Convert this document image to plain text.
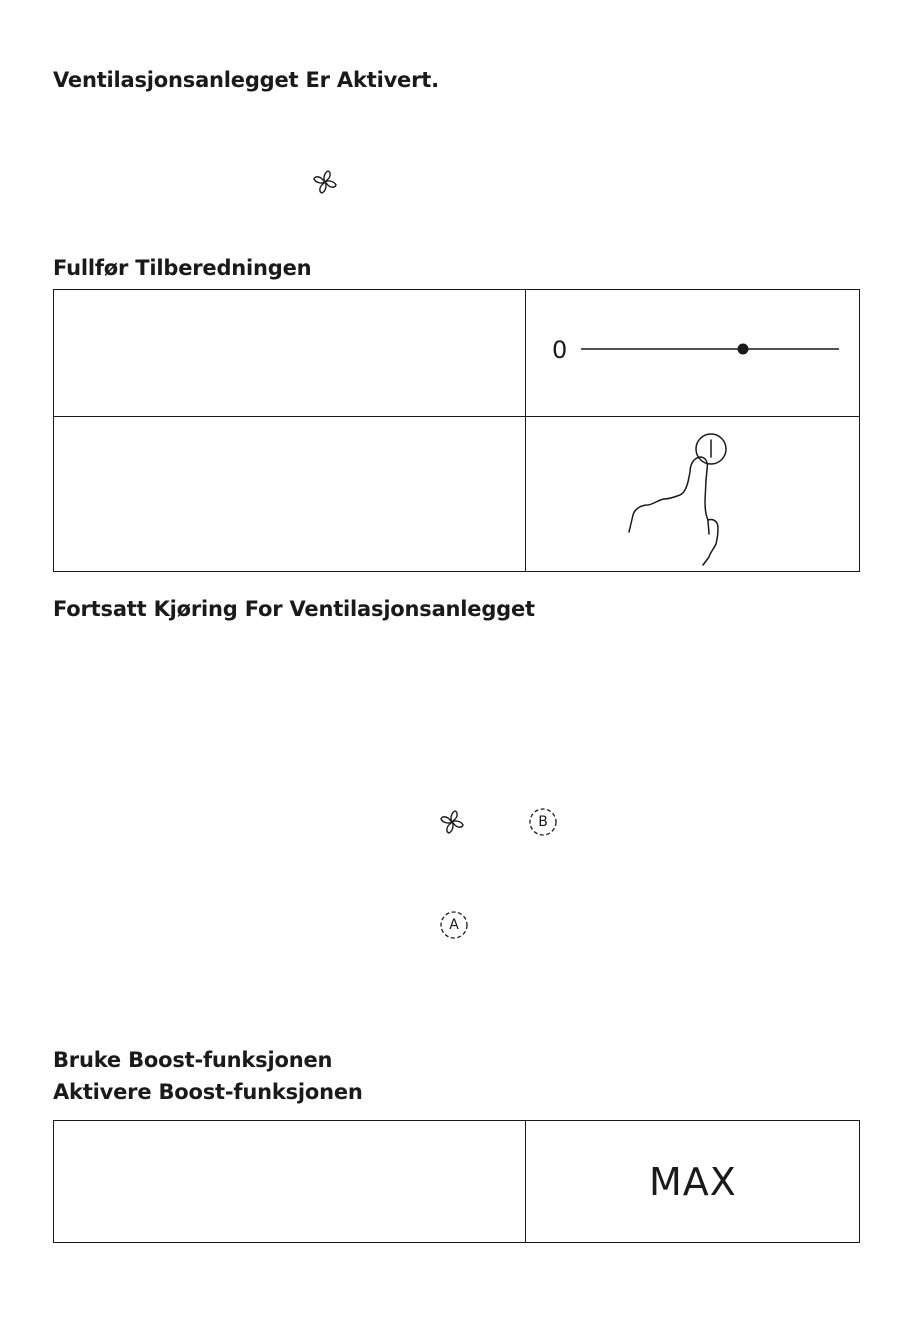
Ventilasjonsanlegget Er Aktivert.
Fullfør Tilberedningen
0
Fortsatt Kjøring For Ventilasjonsanlegget
B
A
Bruke Boost-funksjonen
Aktivere Boost-funksjonen
MAX
